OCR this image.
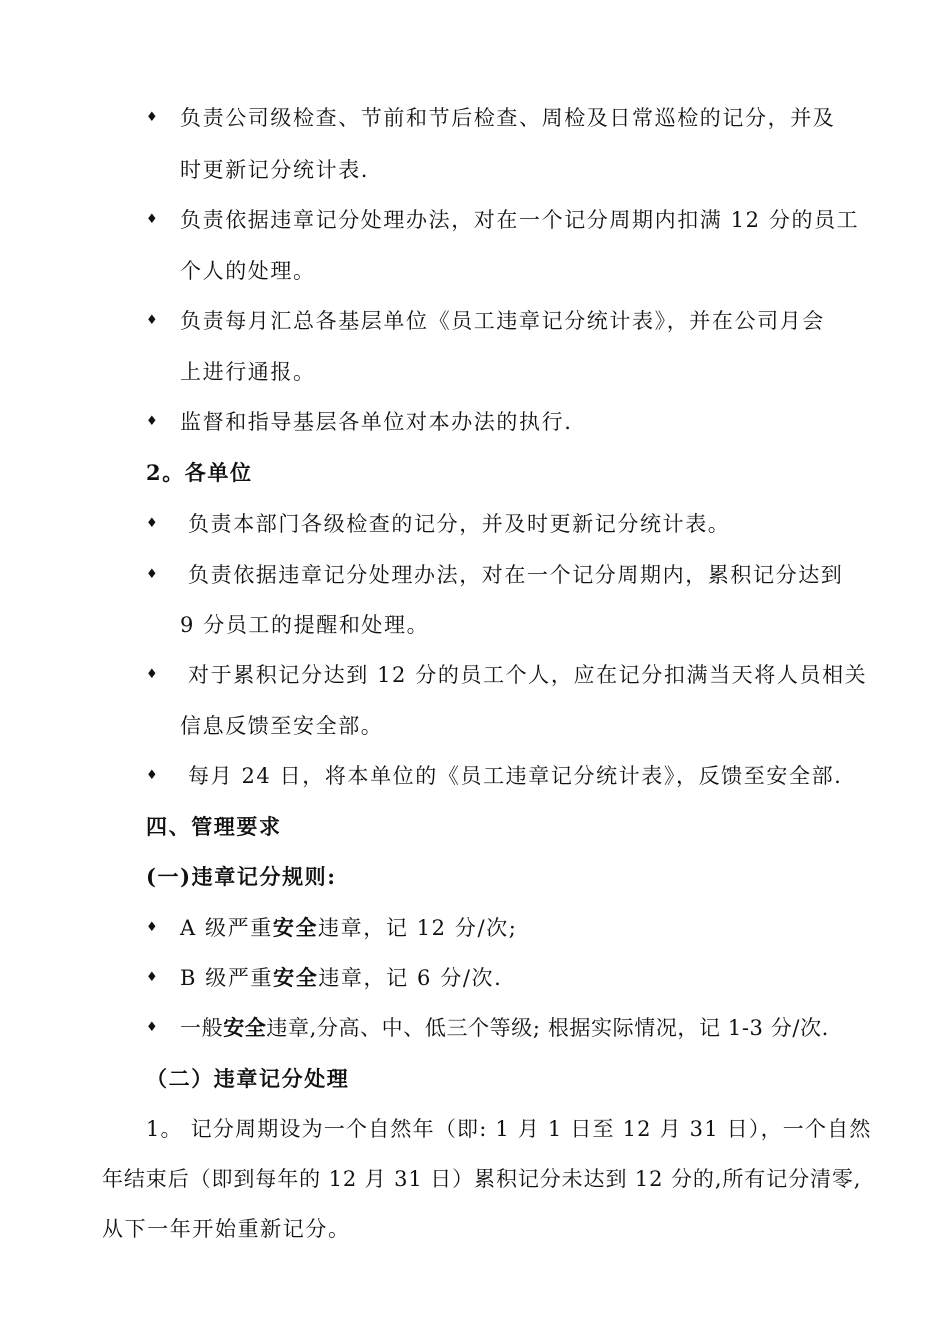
♦ 负责公司级检查、节前和节后检查、周检及日常巡检的记分，并及
时更新记分统计表.
♦ 负责依据违章记分处理办法，对在一个记分周期内扣满 12 分的员工
个人的处理。
♦ 负责每月汇总各基层单位《员工违章记分统计表》，并在公司月会
上进行通报。
♦ 监督和指导基层各单位对本办法的执行.
2。各单位
♦ 负责本部门各级检查的记分，并及时更新记分统计表。
♦ 负责依据违章记分处理办法，对在一个记分周期内，累积记分达到
9 分员工的提醒和处理。
♦ 对于累积记分达到 12 分的员工个人，应在记分扣满当天将人员相关
信息反馈至安全部。
♦ 每月 24 日，将本单位的《员工违章记分统计表》，反馈至安全部.
四、管理要求
(一)违章记分规则:
♦ A 级严重安全违章，记 12 分/次;
♦ B 级严重安全违章，记 6 分/次.
♦ 一般安全违章,分高、中、低三个等级; 根据实际情况，记 1-3 分/次.
（二）违章记分处理
1。 记分周期设为一个自然年（即: 1 月 1 日至 12 月 31 日），一个自然
年结束后（即到每年的 12 月 31 日）累积记分未达到 12 分的,所有记分清零,
从下一年开始重新记分。
